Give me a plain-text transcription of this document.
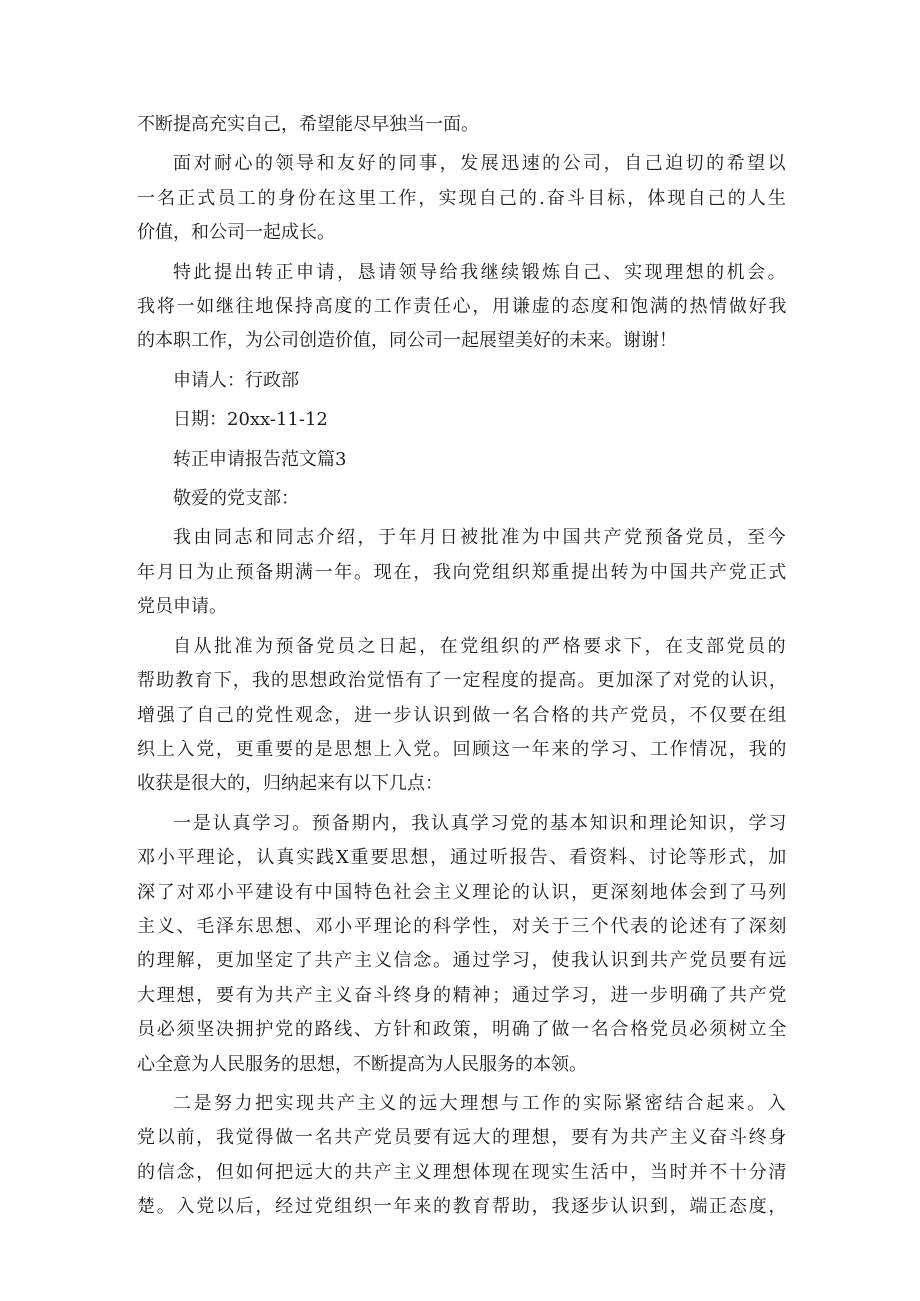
不断提高充实自己，希望能尽早独当一面。

面对耐心的领导和友好的同事，发展迅速的公司，自己迫切的希望以
一名正式员工的身份在这里工作，实现自己的.奋斗目标，体现自己的人生
价值，和公司一起成长。

特此提出转正申请，恳请领导给我继续锻炼自己、实现理想的机会。
我将一如继往地保持高度的工作责任心，用谦虚的态度和饱满的热情做好我
的本职工作，为公司创造价值，同公司一起展望美好的未来。谢谢！

申请人：行政部

日期：20xx-11-12

转正申请报告范文篇3

敬爱的党支部：

我由同志和同志介绍，于年月日被批准为中国共产党预备党员，至今
年月日为止预备期满一年。现在，我向党组织郑重提出转为中国共产党正式
党员申请。

自从批准为预备党员之日起，在党组织的严格要求下，在支部党员的
帮助教育下，我的思想政治觉悟有了一定程度的提高。更加深了对党的认识，
增强了自己的党性观念，进一步认识到做一名合格的共产党员，不仅要在组
织上入党，更重要的是思想上入党。回顾这一年来的学习、工作情况，我的
收获是很大的，归纳起来有以下几点：

一是认真学习。预备期内，我认真学习党的基本知识和理论知识，学习
邓小平理论，认真实践X重要思想，通过听报告、看资料、讨论等形式，加
深了对邓小平建设有中国特色社会主义理论的认识，更深刻地体会到了马列
主义、毛泽东思想、邓小平理论的科学性，对关于三个代表的论述有了深刻
的理解，更加坚定了共产主义信念。通过学习，使我认识到共产党员要有远
大理想，要有为共产主义奋斗终身的精神；通过学习，进一步明确了共产党
员必须坚决拥护党的路线、方针和政策，明确了做一名合格党员必须树立全
心全意为人民服务的思想，不断提高为人民服务的本领。

二是努力把实现共产主义的远大理想与工作的实际紧密结合起来。入
党以前，我觉得做一名共产党员要有远大的理想，要有为共产主义奋斗终身
的信念，但如何把远大的共产主义理想体现在现实生活中，当时并不十分清
楚。入党以后，经过党组织一年来的教育帮助，我逐步认识到，端正态度，
